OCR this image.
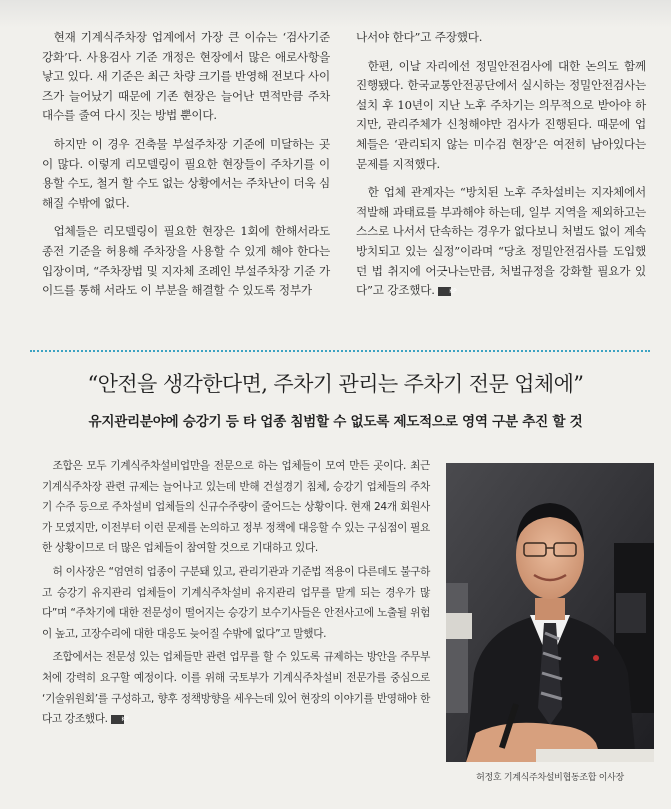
현재 기계식주차장 업계에서 가장 큰 이슈는 ‘검사기준 강화’다. 사용검사 기준 개정은 현장에서 많은 애로사항을 낳고 있다. 새 기준은 최근 차량 크기를 반영해 전보다 사이즈가 늘어났기 때문에 기존 현장은 늘어난 면적만큼 주차대수를 줄여 다시 짓는 방법 뿐이다.

하지만 이 경우 건축물 부설주차장 기준에 미달하는 곳이 많다. 이렇게 리모델링이 필요한 현장들이 주차기를 이용할 수도, 철거 할 수도 없는 상황에서는 주차난이 더욱 심해질 수밖에 없다.

업체들은 리모델링이 필요한 현장은 1회에 한해서라도 종전 기준을 허용해 주차장을 사용할 수 있게 해야 한다는 입장이며, “주차장법 및 지자체 조례인 부설주차장 기준 가이드를 통해 서라도 이 부분을 해결할 수 있도록 정부가

나서야 한다”고 주장했다.

한편, 이날 자리에선 정밀안전검사에 대한 논의도 함께 진행됐다. 한국교통안전공단에서 실시하는 정밀안전검사는 설치 후 10년이 지난 노후 주차기는 의무적으로 받아야 하지만, 관리주체가 신청해야만 검사가 진행된다. 때문에 업체들은 ‘관리되지 않는 미수검 현장’은 여전히 남아있다는 문제를 지적했다.

한 업체 관계자는 “방치된 노후 주차설비는 지자체에서 적발해 과태료를 부과해야 하는데, 일부 지역을 제외하고는 스스로 나서서 단속하는 경우가 없다보니 처벌도 없이 계속 방치되고 있는 실정”이라며 “당초 정밀안전검사를 도입했던 법 취지에 어긋나는만큼, 처벌규정을 강화할 필요가 있다”고 강조했다. KP

“안전을 생각한다면, 주차기 관리는 주차기 전문 업체에”
유지관리분야에 승강기 등 타 업종 침범할 수 없도록 제도적으로 영역 구분 추진 할 것

조합은 모두 기계식주차설비업만을 전문으로 하는 업체들이 모여 만든 곳이다. 최근 기계식주차장 관련 규제는 늘어나고 있는데 반해 건설경기 침체, 승강기 업체들의 주차기 수주 등으로 주차설비 업체들의 신규수주량이 줄어드는 상황이다. 현재 24개 회원사가 모였지만, 이전부터 이런 문제를 논의하고 정부 정책에 대응할 수 있는 구심점이 필요한 상황이므로 더 많은 업체들이 참여할 것으로 기대하고 있다.

허 이사장은 “엄연히 업종이 구분돼 있고, 관리기관과 기준법 적용이 다른데도 불구하고 승강기 유지관리 업체들이 기계식주차설비 유지관리 업무를 맡게 되는 경우가 많다”며 “주차기에 대한 전문성이 떨어지는 승강기 보수기사들은 안전사고에 노출될 위험이 높고, 고장수리에 대한 대응도 늦어질 수밖에 없다”고 말했다.

조합에서는 전문성 있는 업체들만 관련 업무를 할 수 있도록 규제하는 방안을 주무부처에 강력히 요구할 예정이다. 이를 위해 국토부가 기계식주차설비 전문가를 중심으로 ‘기술위원회’를 구성하고, 향후 정책방향을 세우는데 있어 현장의 이야기를 반영해야 한다고 강조했다. KP

허정호 기계식주차설비협동조합 이사장
